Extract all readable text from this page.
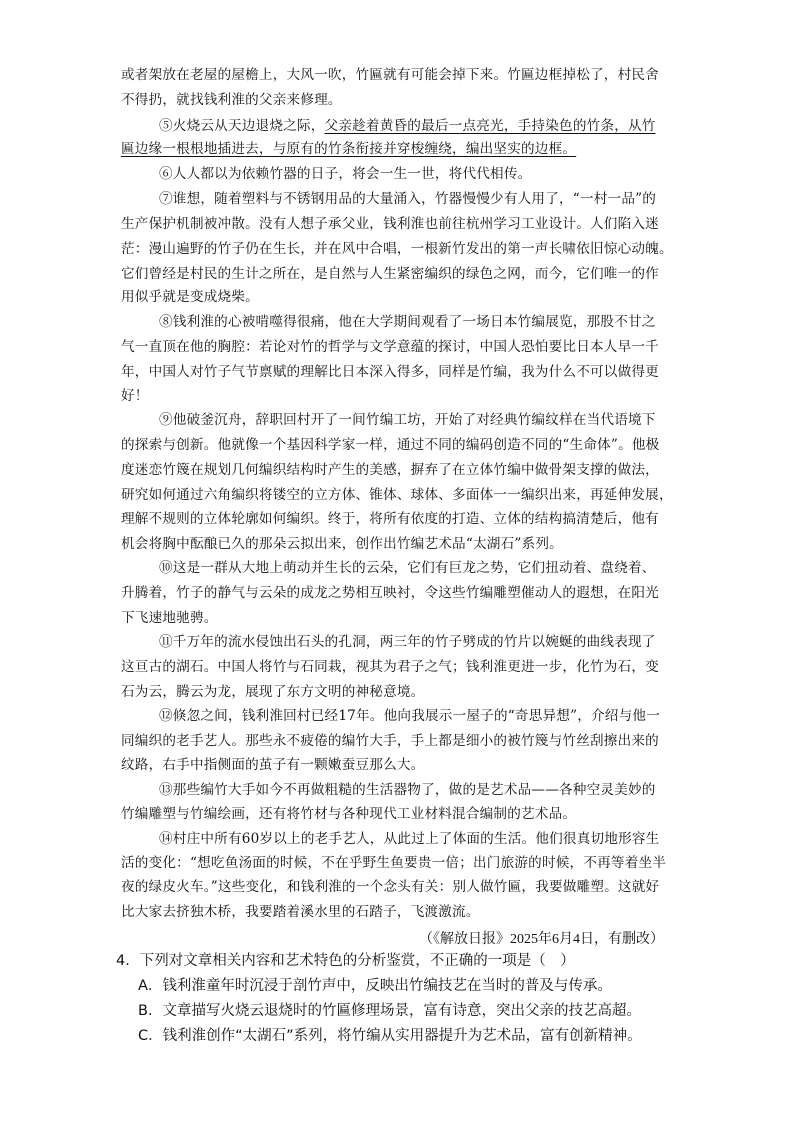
或者架放在老屋的屋檐上，大风一吹，竹匾就有可能会掉下来。竹匾边框掉松了，村民舍
不得扔，就找钱利淮的父亲来修理。
⑤火烧云从天边退烧之际，父亲趁着黄昏的最后一点亮光，手持染色的竹条，从竹
匾边缘一根根地插进去，与原有的竹条衔接并穿梭缠绕，编出坚实的边框。
⑥人人都以为依赖竹器的日子，将会一生一世，将代代相传。
⑦谁想，随着塑料与不锈钢用品的大量涌入，竹器慢慢少有人用了，“一村一品”的
生产保护机制被冲散。没有人想子承父业，钱利淮也前往杭州学习工业设计。人们陷入迷
茫：漫山遍野的竹子仍在生长，并在风中合唱，一根新竹发出的第一声长啸依旧惊心动魄。
它们曾经是村民的生计之所在，是自然与人生紧密编织的绿色之网，而今，它们唯一的作
用似乎就是变成烧柴。
⑧钱利淮的心被啃噬得很痛，他在大学期间观看了一场日本竹编展览，那股不甘之
气一直顶在他的胸腔：若论对竹的哲学与文学意蕴的探讨，中国人恐怕要比日本人早一千
年，中国人对竹子气节禀赋的理解比日本深入得多，同样是竹编，我为什么不可以做得更
好！
⑨他破釜沉舟，辞职回村开了一间竹编工坊，开始了对经典竹编纹样在当代语境下
的探索与创新。他就像一个基因科学家一样，通过不同的编码创造不同的“生命体”。他极
度迷恋竹篾在规划几何编织结构时产生的美感，摒弃了在立体竹编中做骨架支撑的做法，
研究如何通过六角编织将镂空的立方体、锥体、球体、多面体一一编织出来，再延伸发展，
理解不规则的立体轮廓如何编织。终于，将所有依度的打造、立体的结构搞清楚后，他有
机会将胸中酝酿已久的那朵云拟出来，创作出竹编艺术品“太湖石”系列。
⑩这是一群从大地上萌动并生长的云朵，它们有巨龙之势，它们扭动着、盘绕着、
升腾着，竹子的静气与云朵的成龙之势相互映衬，令这些竹编雕塑催动人的遐想，在阳光
下飞速地驰骋。
⑪千万年的流水侵蚀出石头的孔洞，两三年的竹子劈成的竹片以婉蜒的曲线表现了
这亘古的湖石。中国人将竹与石同栽，视其为君子之气；钱利淮更进一步，化竹为石，变
石为云，腾云为龙，展现了东方文明的神秘意境。
⑫倏忽之间，钱利淮回村已经17年。他向我展示一屋子的“奇思异想”，介绍与他一
同编织的老手艺人。那些永不疲倦的编竹大手，手上都是细小的被竹篾与竹丝刮擦出来的
纹路，右手中指侧面的茧子有一颗嫩蚕豆那么大。
⑬那些编竹大手如今不再做粗糙的生活器物了，做的是艺术品——各种空灵美妙的
竹编雕塑与竹编绘画，还有将竹材与各种现代工业材料混合编制的艺术品。
⑭村庄中所有60岁以上的老手艺人，从此过上了体面的生活。他们很真切地形容生
活的变化：“想吃鱼汤面的时候，不在乎野生鱼要贵一倍；出门旅游的时候，不再等着坐半
夜的绿皮火车。”这些变化，和钱利淮的一个念头有关：别人做竹匾，我要做雕塑。这就好
比大家去挤独木桥，我要踏着溪水里的石踏子，飞渡激流。
（《解放日报》2025年6月4日，有删改）
4．下列对文章相关内容和艺术特色的分析鉴赏，不正确的一项是（　）
A．钱利淮童年时沉浸于剖竹声中，反映出竹编技艺在当时的普及与传承。
B．文章描写火烧云退烧时的竹匾修理场景，富有诗意，突出父亲的技艺高超。
C．钱利淮创作“太湖石”系列，将竹编从实用器提升为艺术品，富有创新精神。
